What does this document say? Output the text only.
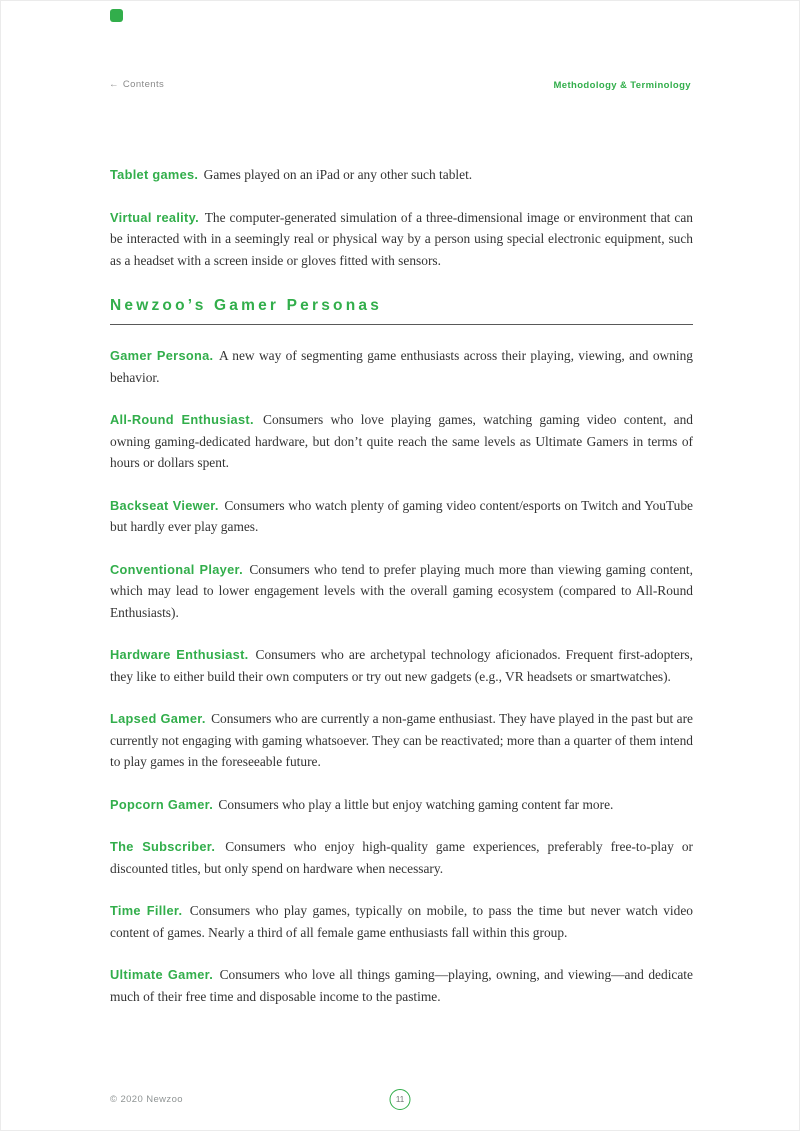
← Contents	Methodology & Terminology

Tablet games. Games played on an iPad or any other such tablet.

Virtual reality. The computer-generated simulation of a three-dimensional image or environment that can be interacted with in a seemingly real or physical way by a person using special electronic equipment, such as a headset with a screen inside or gloves fitted with sensors.

Newzoo’s Gamer Personas

Gamer Persona. A new way of segmenting game enthusiasts across their playing, viewing, and owning behavior.

All-Round Enthusiast. Consumers who love playing games, watching gaming video content, and owning gaming-dedicated hardware, but don’t quite reach the same levels as Ultimate Gamers in terms of hours or dollars spent.

Backseat Viewer. Consumers who watch plenty of gaming video content/esports on Twitch and YouTube but hardly ever play games.

Conventional Player. Consumers who tend to prefer playing much more than viewing gaming content, which may lead to lower engagement levels with the overall gaming ecosystem (compared to All-Round Enthusiasts).

Hardware Enthusiast. Consumers who are archetypal technology aficionados. Frequent first-adopters, they like to either build their own computers or try out new gadgets (e.g., VR headsets or smartwatches).

Lapsed Gamer. Consumers who are currently a non-game enthusiast. They have played in the past but are currently not engaging with gaming whatsoever. They can be reactivated; more than a quarter of them intend to play games in the foreseeable future.

Popcorn Gamer. Consumers who play a little but enjoy watching gaming content far more.

The Subscriber. Consumers who enjoy high-quality game experiences, preferably free-to-play or discounted titles, but only spend on hardware when necessary.

Time Filler. Consumers who play games, typically on mobile, to pass the time but never watch video content of games. Nearly a third of all female game enthusiasts fall within this group.

Ultimate Gamer. Consumers who love all things gaming—playing, owning, and viewing—and dedicate much of their free time and disposable income to the pastime.

© 2020 Newzoo	11
